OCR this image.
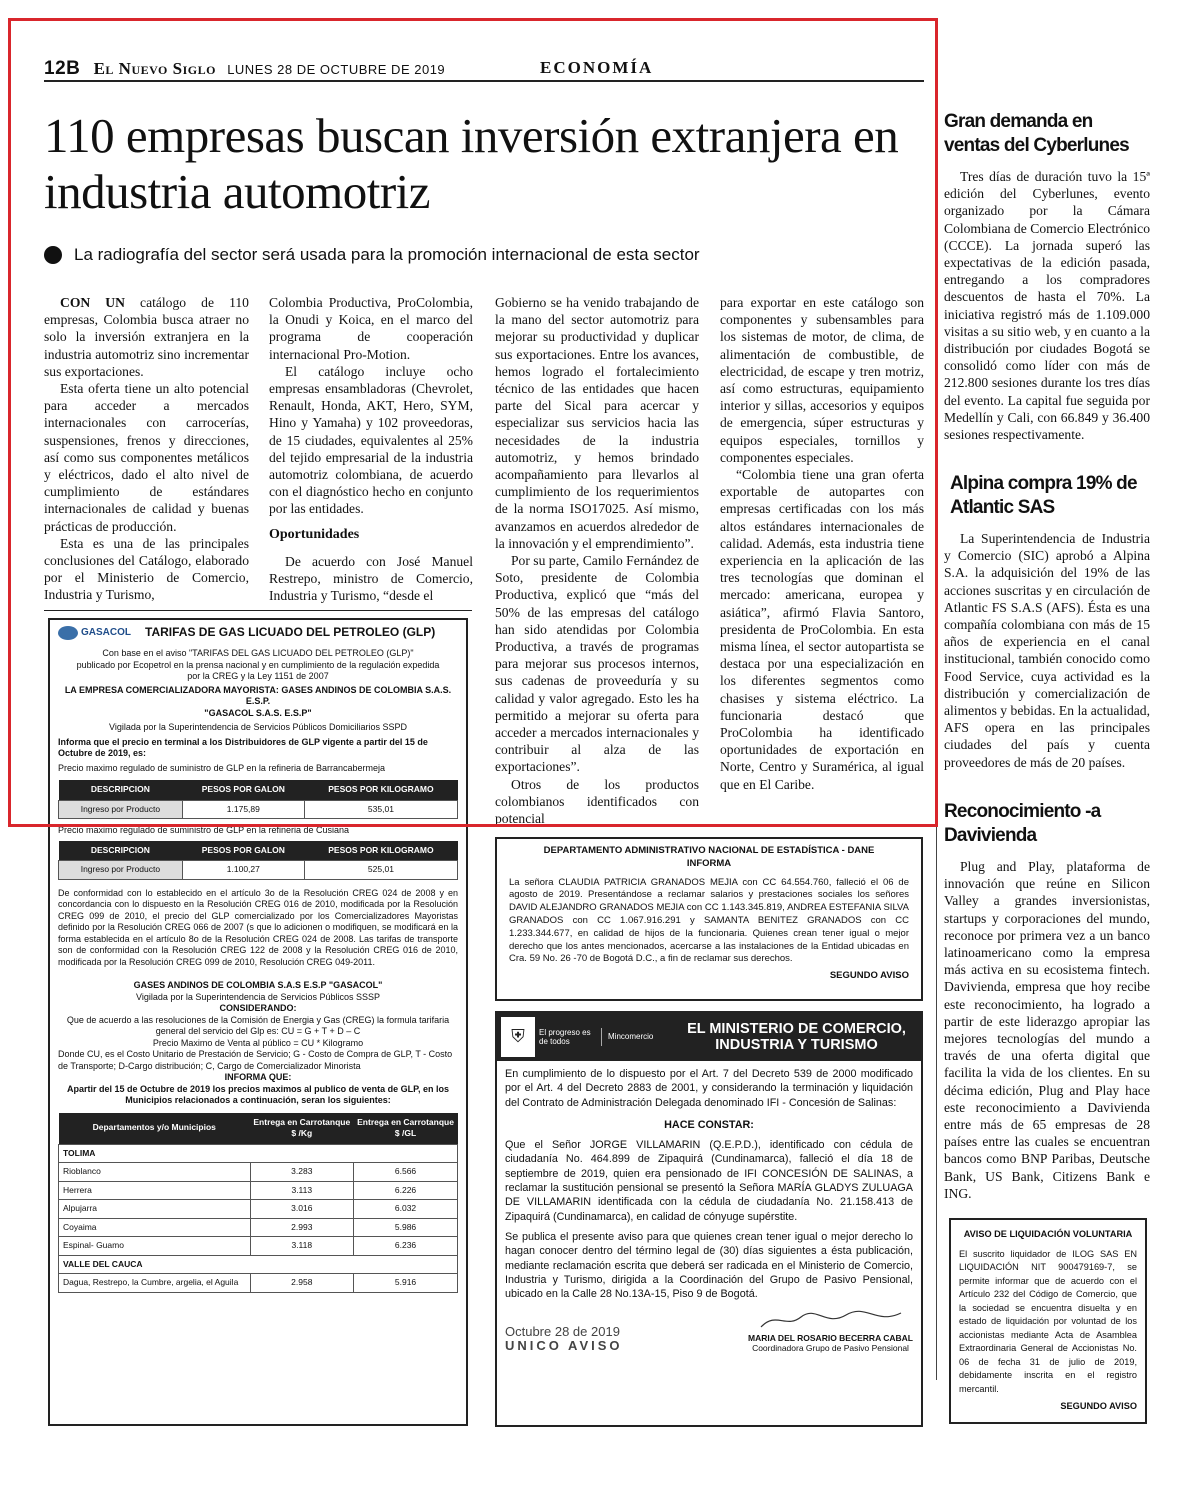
12B El Nuevo Siglo LUNES 28 DE OCTUBRE DE 2019	ECONOMÍA
110 empresas buscan inversión extranjera en industria automotriz
La radiografía del sector será usada para la promoción internacional de esta sector

CON UN catálogo de 110 empresas, Colombia busca atraer no solo la inversión extranjera en la industria automotriz sino incrementar sus exportaciones.

Esta oferta tiene un alto potencial para acceder a mercados internacionales con carrocerías, suspensiones, frenos y direcciones, así como sus componentes metálicos y eléctricos, dado el alto nivel de cumplimiento de estándares internacionales de calidad y buenas prácticas de producción.

Esta es una de las principales conclusiones del Catálogo, elaborado por el Ministerio de Comercio, Industria y Turismo,

Colombia Productiva, ProColombia, la Onudi y Koica, en el marco del programa de cooperación internacional Pro-Motion.

El catálogo incluye ocho empresas ensambladoras (Chevrolet, Renault, Honda, AKT, Hero, SYM, Hino y Yamaha) y 102 proveedoras, de 15 ciudades, equivalentes al 25% del tejido empresarial de la industria automotriz colombiana, de acuerdo con el diagnóstico hecho en conjunto por las entidades.

Oportunidades

De acuerdo con José Manuel Restrepo, ministro de Comercio, Industria y Turismo, “desde el

Gobierno se ha venido trabajando de la mano del sector automotriz para mejorar su productividad y duplicar sus exportaciones. Entre los avances, hemos logrado el fortalecimiento técnico de las entidades que hacen parte del Sical para acercar y especializar sus servicios hacia las necesidades de la industria automotriz, y hemos brindado acompañamiento para llevarlos al cumplimiento de los requerimientos de la norma ISO17025. Así mismo, avanzamos en acuerdos alrededor de la innovación y el emprendimiento”.

Por su parte, Camilo Fernández de Soto, presidente de Colombia Productiva, explicó que “más del 50% de las empresas del catálogo han sido atendidas por Colombia Productiva, a través de programas para mejorar sus procesos internos, sus cadenas de proveeduría y su calidad y valor agregado. Esto les ha permitido a mejorar su oferta para acceder a mercados internacionales y contribuir al alza de las exportaciones”.

Otros de los productos colombianos identificados con potencial

para exportar en este catálogo son componentes y subensambles para los sistemas de motor, de clima, de alimentación de combustible, de electricidad, de escape y tren motriz, así como estructuras, equipamiento interior y sillas, accesorios y equipos de emergencia, súper estructuras y equipos especiales, tornillos y componentes especiales.

“Colombia tiene una gran oferta exportable de autopartes con empresas certificadas con los más altos estándares internacionales de calidad. Además, esta industria tiene experiencia en la aplicación de las tres tecnologías que dominan el mercado: americana, europea y asiática”, afirmó Flavia Santoro, presidenta de ProColombia. En esta misma línea, el sector autopartista se destaca por una especialización en los diferentes segmentos como chasises y sistema eléctrico. La funcionaria destacó que ProColombia ha identificado oportunidades de exportación en Norte, Centro y Suramérica, al igual que en El Caribe.

Gran demanda en ventas del Cyberlunes

Tres días de duración tuvo la 15ª edición del Cyberlunes, evento organizado por la Cámara Colombiana de Comercio Electrónico (CCCE). La jornada superó las expectativas de la edición pasada, entregando a los compradores descuentos de hasta el 70%. La iniciativa registró más de 1.109.000 visitas a su sitio web, y en cuanto a la distribución por ciudades Bogotá se consolidó como líder con más de 212.800 sesiones durante los tres días del evento. La capital fue seguida por Medellín y Cali, con 66.849 y 36.400 sesiones respectivamente.

Alpina compra 19% de Atlantic SAS

La Superintendencia de Industria y Comercio (SIC) aprobó a Alpina S.A. la adquisición del 19% de las acciones suscritas y en circulación de Atlantic FS S.A.S (AFS). Ésta es una compañía colombiana con más de 15 años de experiencia en el canal institucional, también conocido como Food Service, cuya actividad es la distribución y comercialización de alimentos y bebidas. En la actualidad, AFS opera en las principales ciudades del país y cuenta proveedores de más de 20 países.

Reconocimiento -a Davivienda

Plug and Play, plataforma de innovación que reúne en Silicon Valley a grandes inversionistas, startups y corporaciones del mundo, reconoce por primera vez a un banco latinoamericano como la empresa más activa en su ecosistema fintech. Davivienda, empresa que hoy recibe este reconocimiento, ha logrado a partir de este liderazgo apropiar las mejores tecnologías del mundo a través de una oferta digital que facilita la vida de los clientes. En su décima edición, Plug and Play hace este reconocimiento a Davivienda entre más de 65 empresas de 28 países entre las cuales se encuentran bancos como BNP Paribas, Deutsche Bank, US Bank, Citizens Bank e ING.

AVISO DE LIQUIDACIÓN VOLUNTARIA
El suscrito liquidador de ILOG SAS EN LIQUIDACIÓN NIT 900479169-7, se permite informar que de acuerdo con el Artículo 232 del Código de Comercio, que la sociedad se encuentra disuelta y en estado de liquidación por voluntad de los accionistas mediante Acta de Asamblea Extraordinaria General de Accionistas No. 06 de fecha 31 de julio de 2019, debidamente inscrita en el registro mercantil.
SEGUNDO AVISO
GASACOL TARIFAS DE GAS LICUADO DEL PETROLEO (GLP)
Con base en el aviso "TARIFAS DEL GAS LICUADO DEL PETROLEO (GLP)"
publicado por Ecopetrol en la prensa nacional y en cumplimiento de la regulación expedida
por la CREG y la Ley 1151 de 2007
LA EMPRESA COMERCIALIZADORA MAYORISTA: GASES ANDINOS DE COLOMBIA S.A.S. E.S.P.
"GASACOL S.A.S. E.S.P"
Vigilada por la Superintendencia de Servicios Públicos Domiciliarios SSPD
Informa que el precio en terminal a los Distribuidores de GLP vigente a partir del 15 de Octubre de 2019, es:
Precio maximo regulado de suministro de GLP en la refineria de Barrancabermeja
DESCRIPCION	PESOS POR GALON	PESOS POR KILOGRAMO
Ingreso por Producto	1.175,89	535,01
Precio maximo regulado de suministro de GLP en la refineria de Cusiana
DESCRIPCION	PESOS POR GALON	PESOS POR KILOGRAMO
Ingreso por Producto	1.100,27	525,01
De conformidad con lo establecido en el artículo 3o de la Resolución CREG 024 de 2008 y en concordancia con lo dispuesto en la Resolución CREG 016 de 2010, modificada por la Resolución CREG 099 de 2010, el precio del GLP comercializado por los Comercializadores Mayoristas definido por la Resolución CREG 066 de 2007 (s que lo adicionen o modifiquen, se modificará en la forma establecida en el artículo 8o de la Resolución CREG 024 de 2008. Las tarifas de transporte son de conformidad con la Resolución CREG 122 de 2008 y la Resolución CREG 016 de 2010, modificada por la Resolución CREG 099 de 2010, Resolución CREG 049-2011.
GASES ANDINOS DE COLOMBIA S.A.S E.S.P "GASACOL"
Vigilada por la Superintendencia de Servicios Públicos SSSP
CONSIDERANDO:
Que de acuerdo a las resoluciones de la Comisión de Energia y Gas (CREG) la formula tarifaria general del servicio del Glp es: CU = G + T + D – C
Precio Maximo de Venta al público = CU * Kilogramo
Donde CU, es el Costo Unitario de Prestación de Servicio; G - Costo de Compra de GLP, T - Costo de Transporte; D-Cargo distribución; C, Cargo de Comercializador Minorista
INFORMA QUE:
Apartir del 15 de Octubre de 2019 los precios maximos al publico de venta de GLP, en los Municipios relacionados a continuación, seran los siguientes:
Departamentos y/o Municipios	Entrega en Carrotanque $ /Kg	Entrega en Carrotanque $ /GL
TOLIMA		
Rioblanco	3.283	6.566
Herrera	3.113	6.226
Alpujarra	3.016	6.032
Coyaima	2.993	5.986
Espinal- Guamo	3.118	6.236
VALLE DEL CAUCA		
Dagua, Restrepo, la Cumbre, argelia, el Aguila	2.958	5.916
DEPARTAMENTO ADMINISTRATIVO NACIONAL DE ESTADÍSTICA - DANE
INFORMA
La señora CLAUDIA PATRICIA GRANADOS MEJIA con CC 64.554.760, falleció el 06 de agosto de 2019. Presentándose a reclamar salarios y prestaciones sociales los señores DAVID ALEJANDRO GRANADOS MEJIA con CC 1.143.345.819, ANDREA ESTEFANIA SILVA GRANADOS con CC 1.067.916.291 y SAMANTA BENITEZ GRANADOS con CC 1.233.344.677, en calidad de hijos de la funcionaria. Quienes crean tener igual o mejor derecho que los antes mencionados, acercarse a las instalaciones de la Entidad ubicadas en Cra. 59 No. 26 -70 de Bogotá D.C., a fin de reclamar sus derechos.
SEGUNDO AVISO
⛨	El progreso es de todos
Mincomercio	EL MINISTERIO DE COMERCIO,
INDUSTRIA Y TURISMO
En cumplimiento de lo dispuesto por el Art. 7 del Decreto 539 de 2000 modificado por el Art. 4 del Decreto 2883 de 2001, y considerando la terminación y liquidación del Contrato de Administración Delegada denominado IFI - Concesión de Salinas:
HACE CONSTAR:
Que el Señor JORGE VILLAMARIN (Q.E.P.D.), identificado con cédula de ciudadanía No. 464.899 de Zipaquirá (Cundinamarca), falleció el día 18 de septiembre de 2019, quien era pensionado de IFI CONCESIÓN DE SALINAS, a reclamar la sustitución pensional se presentó la Señora MARÍA GLADYS ZULUAGA DE VILLAMARIN identificada con la cédula de ciudadanía No. 21.158.413 de Zipaquirá (Cundinamarca), en calidad de cónyuge supérstite.
Se publica el presente aviso para que quienes crean tener igual o mejor derecho lo hagan conocer dentro del término legal de (30) días siguientes a ésta publicación, mediante reclamación escrita que deberá ser radicada en el Ministerio de Comercio, Industria y Turismo, dirigida a la Coordinación del Grupo de Pasivo Pensional, ubicado en la Calle 28 No.13A-15, Piso 9 de Bogotá.
Octubre 28 de 2019
UNICO AVISO	MARIA DEL ROSARIO BECERRA CABAL
Coordinadora Grupo de Pasivo Pensional
